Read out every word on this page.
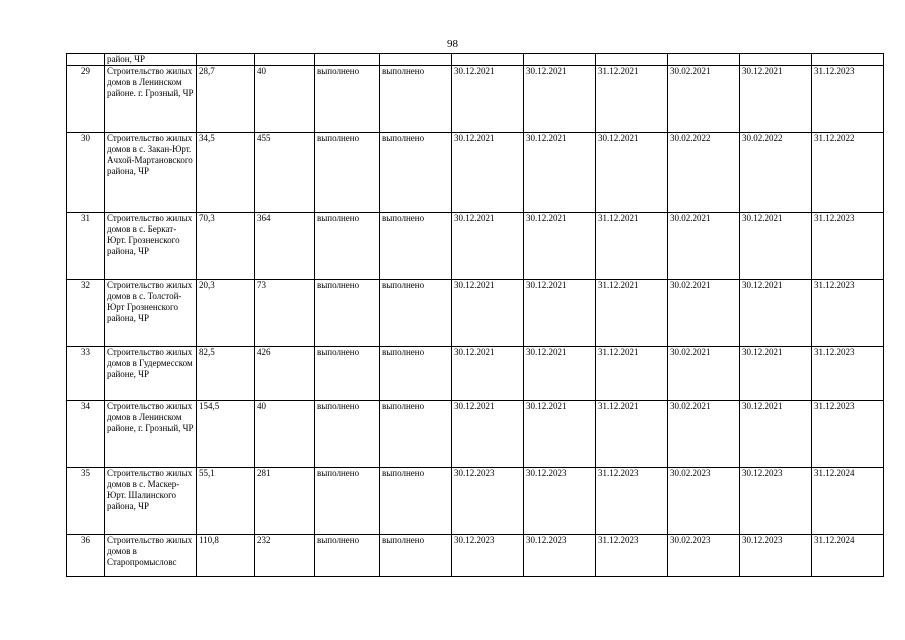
98
	район, ЧР										
29	Строительство жилых домов в Ленинском районе. г. Грозный, ЧР	28,7	40	выполнено	выполнено	30.12.2021	30.12.2021	31.12.2021	30.02.2021	30.12.2021	31.12.2023
30	Строительство жилых домов в с. Закан-Юрт. Ачхой-Мартановского района, ЧР	34,5	455	выполнено	выполнено	30.12.2021	30.12.2021	30.12.2021	30.02.2022	30.02.2022	31.12.2022
31	Строительство жилых домов в с. Беркат-Юрт. Грозненского района, ЧР	70,3	364	выполнено	выполнено	30.12.2021	30.12.2021	31.12.2021	30.02.2021	30.12.2021	31.12.2023
32	Строительство жилых домов в с. Толстой-Юрт Грозненского района, ЧР	20,3	73	выполнено	выполнено	30.12.2021	30.12.2021	31.12.2021	30.02.2021	30.12.2021	31.12.2023
33	Строительство жилых домов в Гудермесском районе, ЧР	82,5	426	выполнено	выполнено	30.12.2021	30.12.2021	31.12.2021	30.02.2021	30.12.2021	31.12.2023
34	Строительство жилых домов в Ленинском районе, г. Грозный, ЧР	154,5	40	выполнено	выполнено	30.12.2021	30.12.2021	31.12.2021	30.02.2021	30.12.2021	31.12.2023
35	Строительство жилых домов в с. Маскер-Юрт. Шалинского района, ЧР	55,1	281	выполнено	выполнено	30.12.2023	30.12.2023	31.12.2023	30.02.2023	30.12.2023	31.12.2024
36	Строительство жилых домов в Старопромысловс	110,8	232	выполнено	выполнено	30.12.2023	30.12.2023	31.12.2023	30.02.2023	30.12.2023	31.12.2024
